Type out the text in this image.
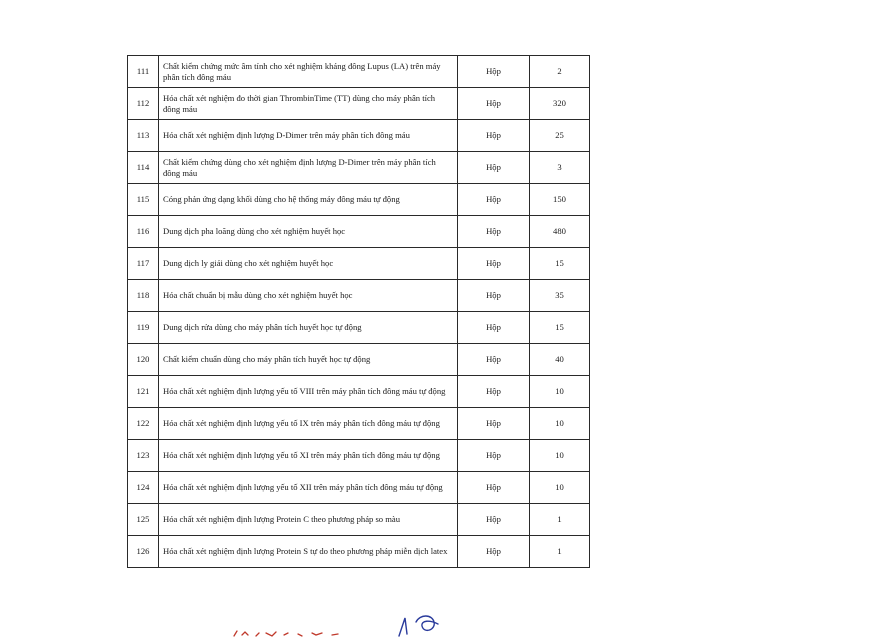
111	Chất kiểm chứng mức âm tính cho xét nghiệm kháng đông Lupus (LA) trên máy phân tích đông máu	Hộp	2
112	Hóa chất xét nghiệm đo thời gian ThrombinTime (TT) dùng cho máy phân tích đông máu	Hộp	320
113	Hóa chất xét nghiệm định lượng D-Dimer trên máy phân tích đông máu	Hộp	25
114	Chất kiểm chứng dùng cho xét nghiệm định lượng D-Dimer trên máy phân tích đông máu	Hộp	3
115	Cóng phản ứng dạng khối dùng cho hệ thống máy đông máu tự động	Hộp	150
116	Dung dịch pha loãng dùng cho xét nghiệm huyết học	Hộp	480
117	Dung dịch ly giải dùng cho xét nghiệm huyết học	Hộp	15
118	Hóa chất chuẩn bị mẫu dùng cho xét nghiệm huyết học	Hộp	35
119	Dung dịch rửa dùng cho máy phân tích huyết học tự động	Hộp	15
120	Chất kiểm chuẩn dùng cho máy phân tích huyết học tự động	Hộp	40
121	Hóa chất xét nghiệm định lượng yếu tố VIII trên máy phân tích đông máu tự động	Hộp	10
122	Hóa chất xét nghiệm định lượng yếu tố IX trên máy phân tích đông máu tự động	Hộp	10
123	Hóa chất xét nghiệm định lượng yếu tố XI trên máy phân tích đông máu tự động	Hộp	10
124	Hóa chất xét nghiệm định lượng yếu tố XII trên máy phân tích đông máu tự động	Hộp	10
125	Hóa chất xét nghiệm định lượng Protein C theo phương pháp so màu	Hộp	1
126	Hóa chất xét nghiệm định lượng Protein S tự do theo phương pháp miễn dịch latex	Hộp	1
